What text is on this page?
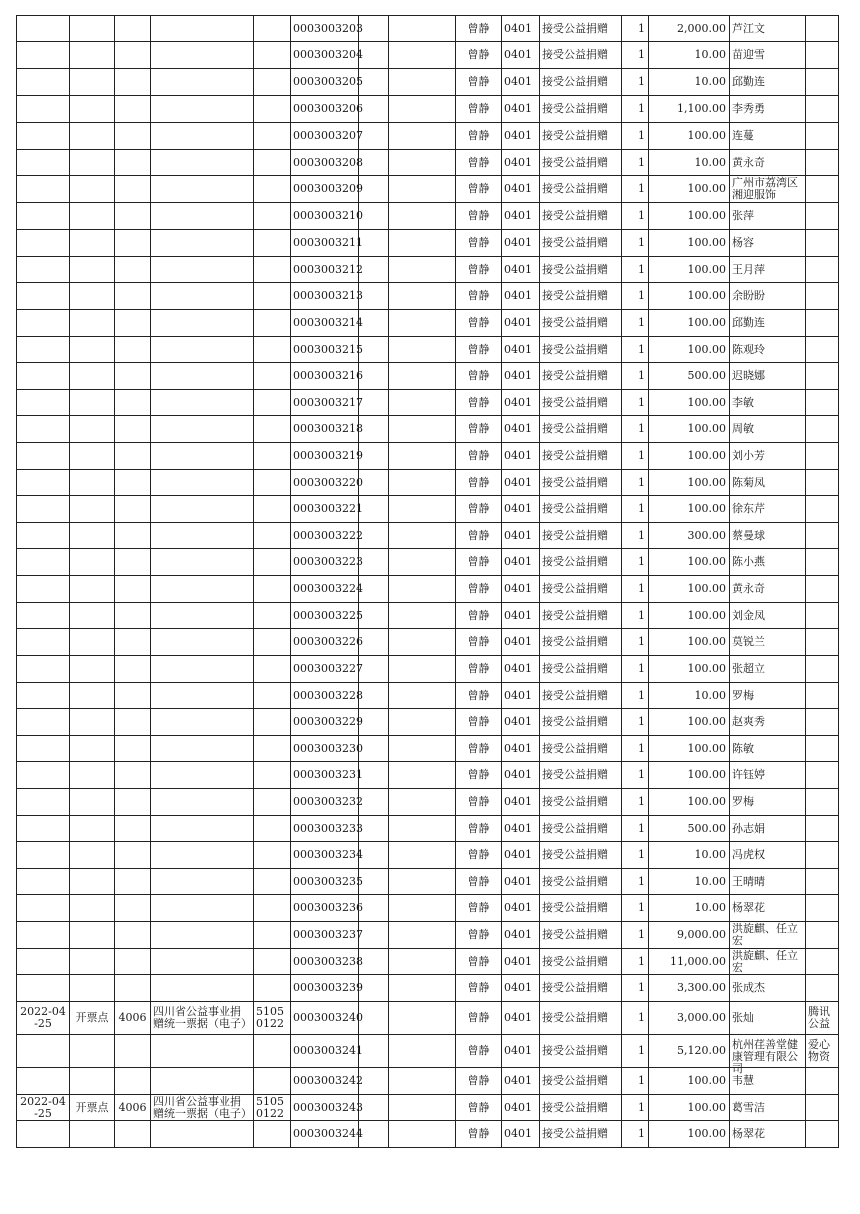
					0003003203			曾静	0401	接受公益捐赠	1	2,000.00	芦江文	

					0003003204			曾静	0401	接受公益捐赠	1	10.00	苗迎雪	

					0003003205			曾静	0401	接受公益捐赠	1	10.00	邱勤连	

					0003003206			曾静	0401	接受公益捐赠	1	1,100.00	李秀勇	

					0003003207			曾静	0401	接受公益捐赠	1	100.00	连蔓	

					0003003208			曾静	0401	接受公益捐赠	1	10.00	黄永奇	

					0003003209			曾静	0401	接受公益捐赠	1	100.00	广州市荔湾区湘迎服饰	

					0003003210			曾静	0401	接受公益捐赠	1	100.00	张萍	

					0003003211			曾静	0401	接受公益捐赠	1	100.00	杨容	

					0003003212			曾静	0401	接受公益捐赠	1	100.00	王月萍	

					0003003213			曾静	0401	接受公益捐赠	1	100.00	余盼盼	

					0003003214			曾静	0401	接受公益捐赠	1	100.00	邱勤连	

					0003003215			曾静	0401	接受公益捐赠	1	100.00	陈观玲	

					0003003216			曾静	0401	接受公益捐赠	1	500.00	迟晓娜	

					0003003217			曾静	0401	接受公益捐赠	1	100.00	李敏	

					0003003218			曾静	0401	接受公益捐赠	1	100.00	周敏	

					0003003219			曾静	0401	接受公益捐赠	1	100.00	刘小芳	

					0003003220			曾静	0401	接受公益捐赠	1	100.00	陈菊凤	

					0003003221			曾静	0401	接受公益捐赠	1	100.00	徐东芹	

					0003003222			曾静	0401	接受公益捐赠	1	300.00	蔡曼球	

					0003003223			曾静	0401	接受公益捐赠	1	100.00	陈小燕	

					0003003224			曾静	0401	接受公益捐赠	1	100.00	黄永奇	

					0003003225			曾静	0401	接受公益捐赠	1	100.00	刘金凤	

					0003003226			曾静	0401	接受公益捐赠	1	100.00	莫锐兰	

					0003003227			曾静	0401	接受公益捐赠	1	100.00	张超立	

					0003003228			曾静	0401	接受公益捐赠	1	10.00	罗梅	

					0003003229			曾静	0401	接受公益捐赠	1	100.00	赵爽秀	

					0003003230			曾静	0401	接受公益捐赠	1	100.00	陈敏	

					0003003231			曾静	0401	接受公益捐赠	1	100.00	许钰婷	

					0003003232			曾静	0401	接受公益捐赠	1	100.00	罗梅	

					0003003233			曾静	0401	接受公益捐赠	1	500.00	孙志娟	

					0003003234			曾静	0401	接受公益捐赠	1	10.00	冯虎权	

					0003003235			曾静	0401	接受公益捐赠	1	10.00	王晴晴	

					0003003236			曾静	0401	接受公益捐赠	1	10.00	杨翠花	

					0003003237			曾静	0401	接受公益捐赠	1	9,000.00	洪旋麒、任立宏	

					0003003238			曾静	0401	接受公益捐赠	1	11,000.00	洪旋麒、任立宏	

					0003003239			曾静	0401	接受公益捐赠	1	3,300.00	张成杰	

2022-04-25	开票点	4006	四川省公益事业捐赠统一票据（电子）	51050122	0003003240			曾静	0401	接受公益捐赠	1	3,000.00	张灿	腾讯公益

					0003003241			曾静	0401	接受公益捐赠	1	5,120.00	杭州荏善堂健康管理有限公司	爱心物资

					0003003242			曾静	0401	接受公益捐赠	1	100.00	韦慧	

2022-04-25	开票点	4006	四川省公益事业捐赠统一票据（电子）	51050122	0003003243			曾静	0401	接受公益捐赠	1	100.00	葛雪洁	

					0003003244			曾静	0401	接受公益捐赠	1	100.00	杨翠花	
